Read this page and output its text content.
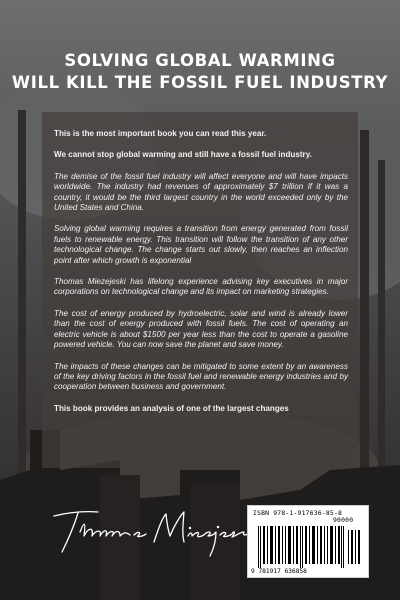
SOLVING GLOBAL WARMING
WILL KILL THE FOSSIL FUEL INDUSTRY

This is the most important book you can read this year.

We cannot stop global warming and still have a fossil fuel industry.

The demise of the fossil fuel industry will affect everyone and will have impacts worldwide. The industry had revenues of approximately $7 trillion If it was a country, it would be the third largest country in the world exceeded only by the United States and China.

Solving global warming requires a transition from energy generated from fossil fuels to renewable energy. This transition will follow the transition of any other technological change. The change starts out slowly, then reaches an inflection point after which growth is exponential

Thomas Miezejeski has lifelong experience advising key executives in major corporations on technological change and its impact on marketing strategies.

The cost of energy produced by hydroelectric, solar and wind is already lower than the cost of energy produced with fossil fuels. The cost of operating an electric vehicle is about $1500 per year less than the cost to operate a gasoline powered vehicle. You can now save the planet and save money.

The impacts of these changes can be mitigated to some extent by an awareness of the key driving factors in the fossil fuel and renewable energy industries and by cooperation between business and government.

This book provides an analysis of one of the largest changes

ISBN 978-1-917636-85-8
90000
9 781917 636858
